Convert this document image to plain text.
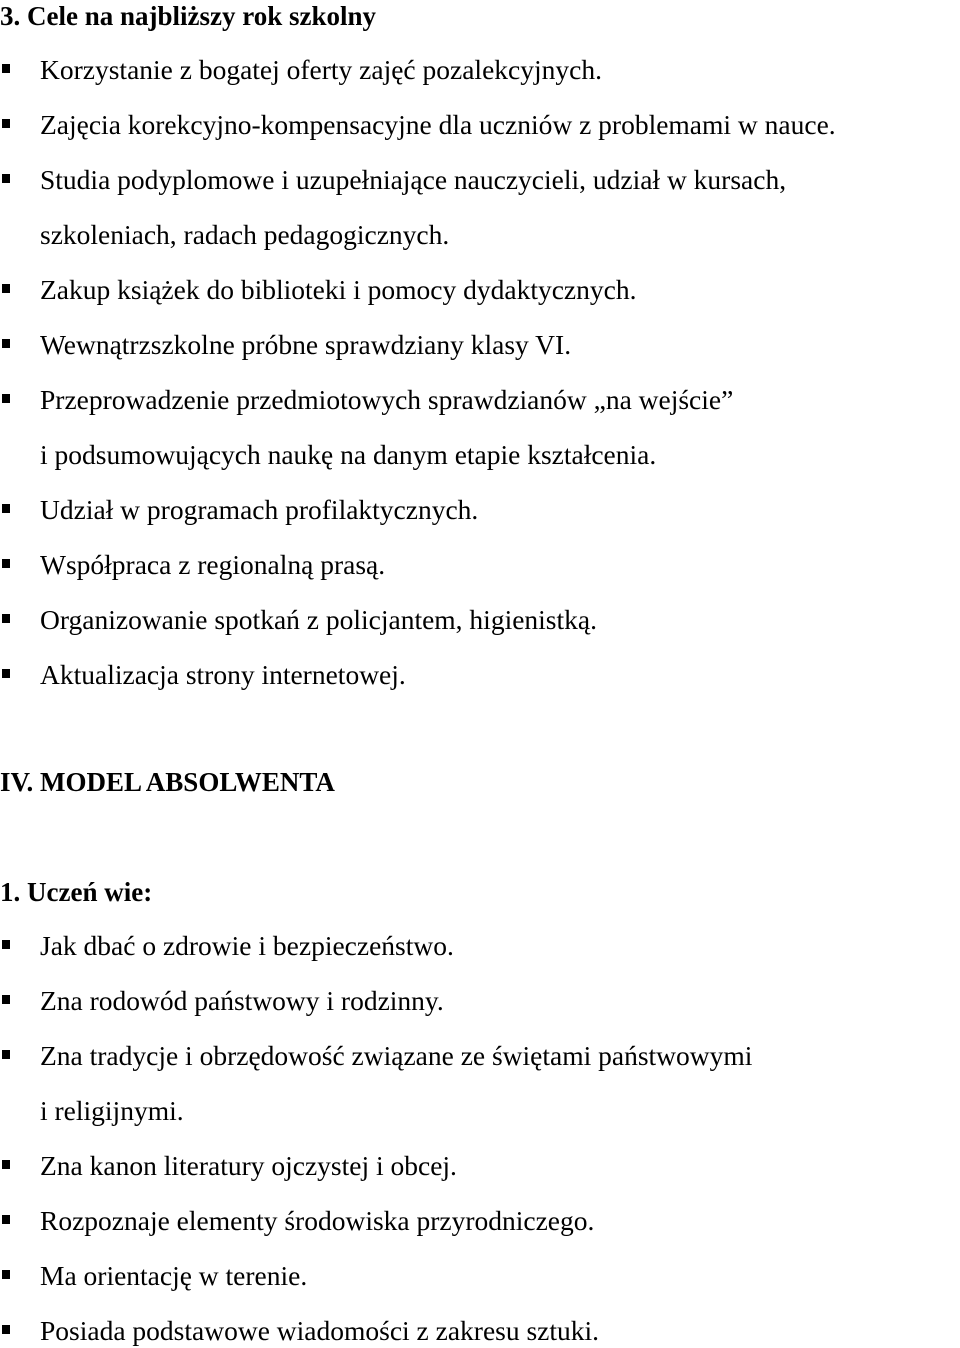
3. Cele na najbliższy rok szkolny
Korzystanie z bogatej oferty zajęć pozalekcyjnych.
Zajęcia korekcyjno-kompensacyjne dla uczniów z problemami w nauce.
Studia podyplomowe i uzupełniające nauczycieli, udział w kursach,
szkoleniach, radach pedagogicznych.
Zakup książek do biblioteki i pomocy dydaktycznych.
Wewnątrzszkolne próbne sprawdziany klasy VI.
Przeprowadzenie przedmiotowych sprawdzianów „na wejście”
i podsumowujących naukę na danym etapie kształcenia.
Udział w programach profilaktycznych.
Współpraca z regionalną prasą.
Organizowanie spotkań z policjantem, higienistką.
Aktualizacja strony internetowej.
IV. MODEL ABSOLWENTA
1. Uczeń wie:
Jak dbać o zdrowie i bezpieczeństwo.
Zna rodowód państwowy i rodzinny.
Zna tradycje i obrzędowość związane ze świętami państwowymi
i religijnymi.
Zna kanon literatury ojczystej i obcej.
Rozpoznaje elementy środowiska przyrodniczego.
Ma orientację w terenie.
Posiada podstawowe wiadomości z zakresu sztuki.
